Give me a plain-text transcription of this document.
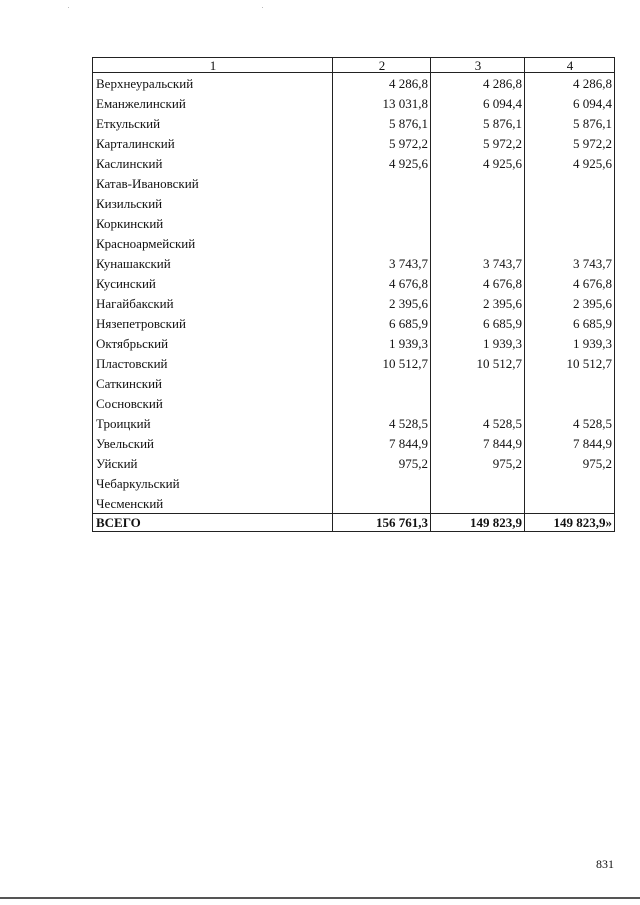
1	2	3	4
Верхнеуральский	4 286,8	4 286,8	4 286,8
Еманжелинский	13 031,8	6 094,4	6 094,4
Еткульский	5 876,1	5 876,1	5 876,1
Карталинский	5 972,2	5 972,2	5 972,2
Каслинский	4 925,6	4 925,6	4 925,6
Катав-Ивановский			
Кизильский			
Коркинский			
Красноармейский			
Кунашакский	3 743,7	3 743,7	3 743,7
Кусинский	4 676,8	4 676,8	4 676,8
Нагайбакский	2 395,6	2 395,6	2 395,6
Нязепетровский	6 685,9	6 685,9	6 685,9
Октябрьский	1 939,3	1 939,3	1 939,3
Пластовский	10 512,7	10 512,7	10 512,7
Саткинский			
Сосновский			
Троицкий	4 528,5	4 528,5	4 528,5
Увельский	7 844,9	7 844,9	7 844,9
Уйский	975,2	975,2	975,2
Чебаркульский			
Чесменский			
ВСЕГО	156 761,3	149 823,9	149 823,9»
831
